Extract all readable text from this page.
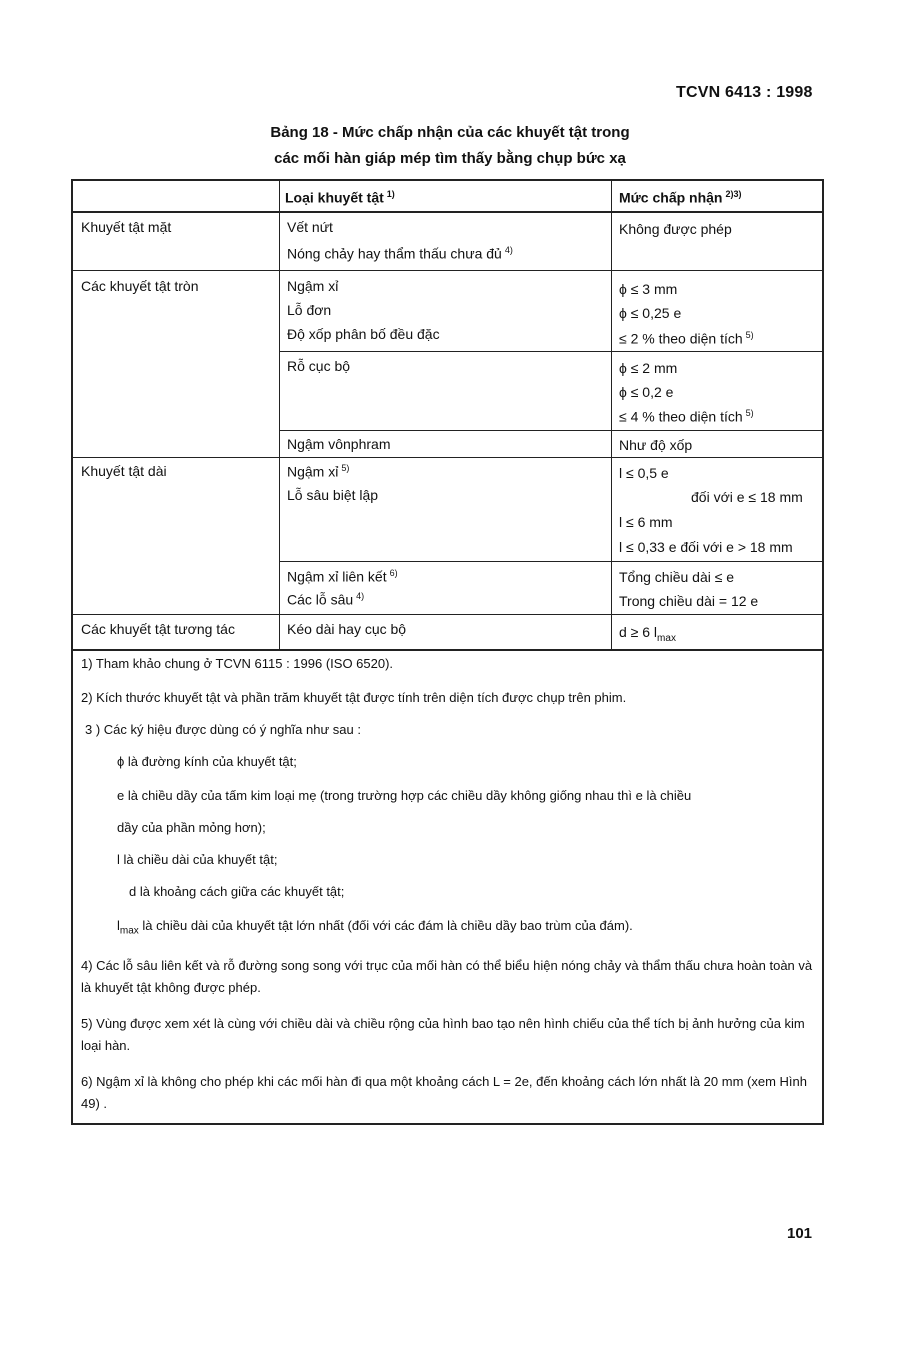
TCVN 6413 : 1998
Bảng 18 - Mức chấp nhận của các khuyết tật trong
các mối hàn giáp mép tìm thấy bằng chụp bức xạ
Loại khuyết tật $^{1)}$	Mức chấp nhận $^{2)3)}$
Khuyết tật mặt
Các khuyết tật tròn
Khuyết tật dài
Các khuyết tật tương tác
Vết nứt
Nóng chảy hay thẩm thấu chưa đủ $^{4)}$
Ngậm xỉ
Lỗ đơn
Độ xốp phân bố đều đặc
Rỗ cục bộ
Ngậm vônphram
Ngậm xỉ $^{5)}$
Lỗ sâu biệt lập
Ngậm xỉ liên kết $^{6)}$
Các lỗ sâu $^{4)}$
Kéo dài hay cục bộ
Không được phép
ϕ ≤ 3 mm
ϕ ≤ 0,25 e
≤ 2 % theo diện tích $^{5)}$
ϕ ≤ 2 mm
ϕ ≤ 0,2 e
≤ 4 % theo diện tích $^{5)}$
Như độ xốp
l ≤ 0,5 e
đối với e ≤ 18 mm
l ≤ 6 mm
l ≤ 0,33 e đối với e > 18 mm
Tổng chiều dài ≤ e
Trong chiều dài = 12 e
d ≥ 6 $l_{max}$
1) Tham khảo chung ở TCVN 6115 : 1996 (ISO 6520).
2) Kích thước khuyết tật và phần trăm khuyết tật được tính trên diện tích được chụp trên phim.
3 ) Các ký hiệu được dùng có ý nghĩa như sau :
ϕ là đường kính của khuyết tật;
e là chiều dầy của tấm kim loại mẹ (trong trường hợp các chiều dầy không giống nhau thì e là chiều
dầy của phần mỏng hơn);
l là chiều dài của khuyết tật;
d là khoảng cách giữa các khuyết tật;
$l_{max}$ là chiều dài của khuyết tật lớn nhất (đối với các đám là chiều dầy bao trùm của đám).
4) Các lỗ sâu liên kết và rỗ đường song song với trục của mối hàn có thể biểu hiện nóng chảy và thẩm thấu chưa hoàn toàn và là khuyết tật không được phép.
5) Vùng được xem xét là cùng với chiều dài và chiều rộng của hình bao tạo nên hình chiếu của thể tích bị ảnh hưởng của kim loại hàn.
6) Ngậm xỉ là không cho phép khi các mối hàn đi qua một khoảng cách L = 2e, đến khoảng cách lớn nhất là 20 mm (xem Hình 49) .
101
